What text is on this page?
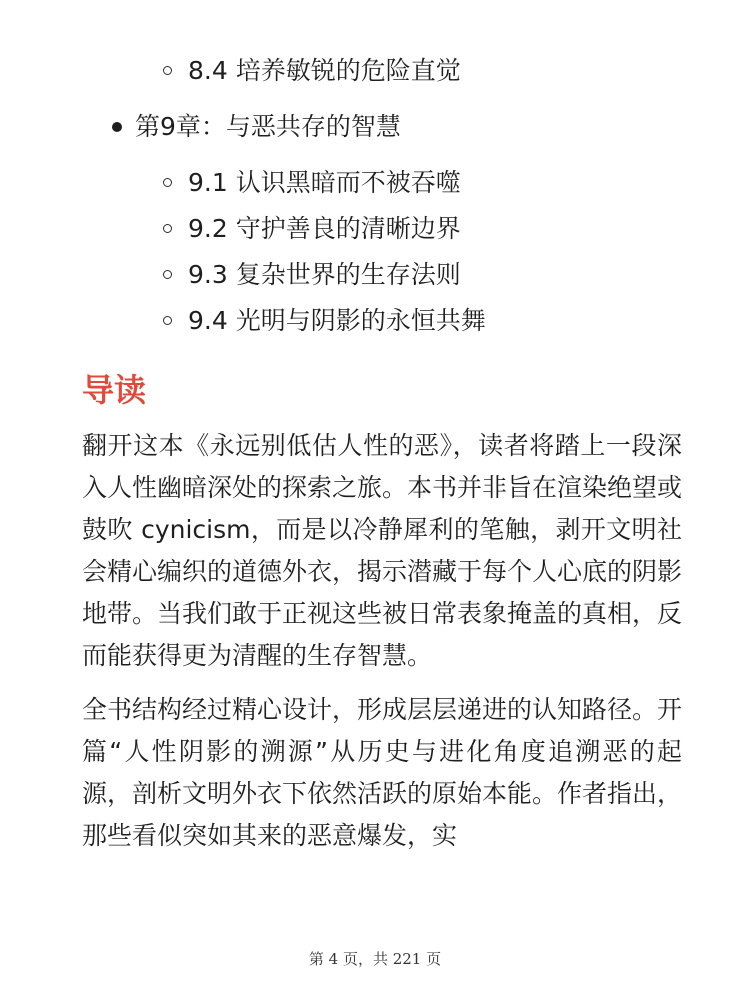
8.4 培养敏锐的危险直觉
第9章：与恶共存的智慧
9.1 认识黑暗而不被吞噬
9.2 守护善良的清晰边界
9.3 复杂世界的生存法则
9.4 光明与阴影的永恒共舞
导读

翻开这本《永远别低估人性的恶》，读者将踏上一段深入人性幽暗深处的探索之旅。本书并非旨在渲染绝望或鼓吹 cynicism，而是以冷静犀利的笔触，剥开文明社会精心编织的道德外衣，揭示潜藏于每个人心底的阴影地带。当我们敢于正视这些被日常表象掩盖的真相，反而能获得更为清醒的生存智慧。

全书结构经过精心设计，形成层层递进的认知路径。开篇“人性阴影的溯源”从历史与进化角度追溯恶的起源，剖析文明外衣下依然活跃的原始本能。作者指出，那些看似突如其来的恶意爆发，实

第 4 页，共 221 页
